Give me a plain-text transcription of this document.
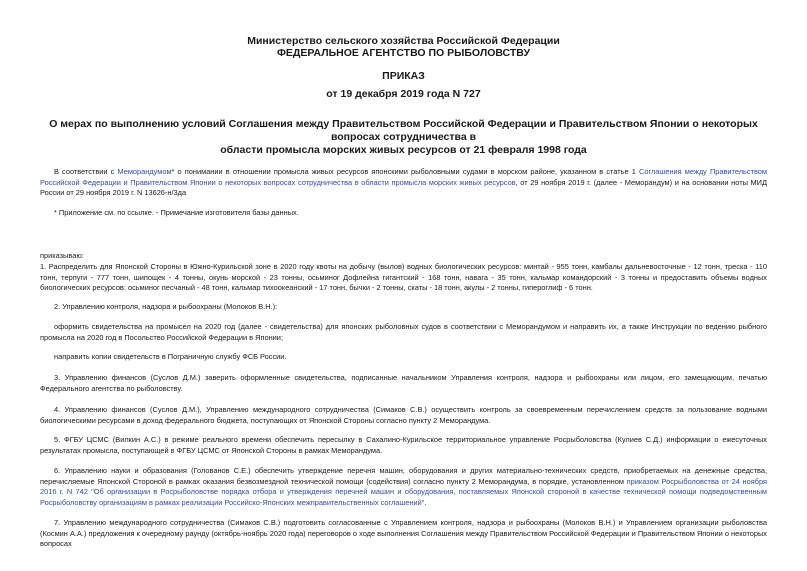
Министерство сельского хозяйства Российской Федерации
ФЕДЕРАЛЬНОЕ АГЕНТСТВО ПО РЫБОЛОВСТВУ
ПРИКАЗ
от 19 декабря 2019 года N 727
О мерах по выполнению условий Соглашения между Правительством Российской Федерации и Правительством Японии о некоторых вопросах сотрудничества в
области промысла морских живых ресурсов от 21 февраля 1998 года
В соответствии с Меморандумом* о понимании в отношении промысла живых ресурсов японскими рыболовными судами в морском районе, указанном в статье 1 Соглашения между Правительством Российской Федерации и Правительством Японии о некоторых вопросах сотрудничества в области промысла морских живых ресурсов, от 29 ноября 2019 г. (далее - Меморандум) и на основании ноты МИД России от 29 ноября 2019 г. N 13626-н/3да
* Приложение см. по ссылке. - Примечание изготовителя базы данных.
приказываю:
1. Распределить для Японской Стороны в Южно-Курильской зоне в 2020 году квоты на добычу (вылов) водных биологических ресурсов: минтай - 955 тонн, камбалы дальневосточные - 12 тонн, треска - 110 тонн, терпуги - 777 тонн, шипощек - 4 тонны, окунь морской - 23 тонны, осьминог Дофлейна гигантский - 168 тонн, навага - 35 тонн, кальмар командорский - 3 тонны и предоставить объемы водных биологических ресурсов: осьминог песчаный - 48 тонн, кальмар тихоокеанский - 17 тонн, бычки - 2 тонны, скаты - 18 тонн, акулы - 2 тонны, гипероглиф - 6 тонн.
2. Управлению контроля, надзора и рыбоохраны (Молоков В.Н.):
оформить свидетельства на промысел на 2020 год (далее - свидетельства) для японских рыболовных судов в соответствии с Меморандумом и направить их, а также Инструкции по ведению рыбного промысла на 2020 год в Посольство Российской Федерации в Японии;
направить копии свидетельств в Пограничную службу ФСБ России.
3. Управлению финансов (Суслов Д.М.) заверить оформленные свидетельства, подписанные начальником Управления контроля, надзора и рыбоохраны или лицом, его замещающим, печатью Федерального агентства по рыболовству.
4. Управлению финансов (Суслов Д.М.), Управлению международного сотрудничества (Симаков С.В.) осуществить контроль за своевременным перечислением средств за пользование водными биологическими ресурсами в доход федерального бюджета, поступающих от Японской Стороны согласно пункту 2 Меморандума.
5. ФГБУ ЦСМС (Вилкин А.С.) в режиме реального времени обеспечить пересылку в Сахалино-Курильское территориальное управление Росрыболовства (Кулиев С.Д.) информации о ежесуточных результатах промысла, поступающей в ФГБУ ЦСМС от Японской Стороны в рамках Меморандума.
6. Управлению науки и образования (Голованов С.Е.) обеспечить утверждение перечня машин, оборудования и других материально-технических средств, приобретаемых на денежные средства, перечисляемые Японской Стороной в рамках оказания безвозмездной технической помощи (содействия) согласно пункту 2 Меморандума, в порядке, установленном приказом Росрыболовства от 24 ноября 2016 г. N 742 "Об организации в Росрыболовстве порядка отбора и утверждения перечней машин и оборудования, поставляемых Японской стороной в качестве технической помощи подведомственным Росрыболовству организациям в рамках реализации Российско-Японских межправительственных соглашений".
7. Управлению международного сотрудничества (Симаков С.В.) подготовить согласованные с Управлением контроля, надзора и рыбоохраны (Молоков В.Н.) и Управлением организации рыболовства (Космин А.А.) предложения к очередному раунду (октябрь-ноябрь 2020 года) переговоров о ходе выполнения Соглашения между Правительством Российской Федерации и Правительством Японии о некоторых вопросах
